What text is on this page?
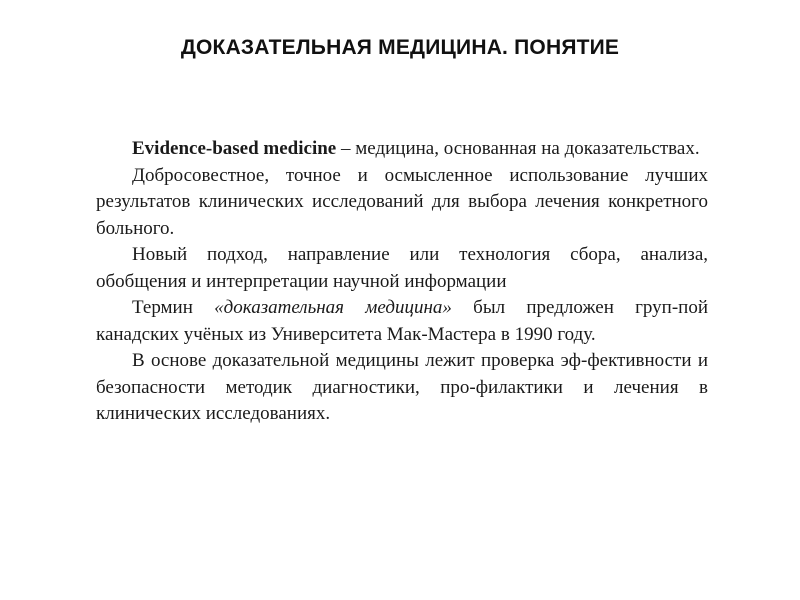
ДОКАЗАТЕЛЬНАЯ МЕДИЦИНА. ПОНЯТИЕ

Evidence-based medicine – медицина, основанная на доказательствах.

Добросовестное, точное и осмысленное использование лучших результатов клинических исследований для выбора лечения конкретного больного.

Новый подход, направление или технология сбора, анализа, обобщения и интерпретации научной информации

Термин «доказательная медицина» был предложен груп-пой канадских учёных из Университета Мак-Мастера в 1990 году.

В основе доказательной медицины лежит проверка эф-фективности и безопасности методик диагностики, про-филактики и лечения в клинических исследованиях.
